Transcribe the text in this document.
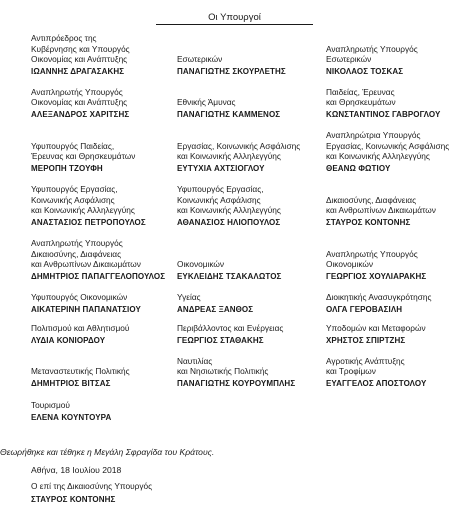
Οι Υπουργοί
Αντιπρόεδρος της
Κυβέρνησης και Υπουργός
Οικονομίας και Ανάπτυξης
ΙΩΑΝΝΗΣ ΔΡΑΓΑΣΑΚΗΣ
Εσωτερικών
ΠΑΝΑΓΙΩΤΗΣ ΣΚΟΥΡΛΕΤΗΣ
Αναπληρωτής Υπουργός
Εσωτερικών
ΝΙΚΟΛΑΟΣ ΤΟΣΚΑΣ
Αναπληρωτής Υπουργός
Οικονομίας και Ανάπτυξης
ΑΛΕΞΑΝΔΡΟΣ ΧΑΡΙΤΣΗΣ
Εθνικής Άμυνας
ΠΑΝΑΓΙΩΤΗΣ ΚΑΜΜΕΝΟΣ
Παιδείας, Έρευνας
και Θρησκευμάτων
ΚΩΝΣΤΑΝΤΙΝΟΣ ΓΑΒΡΟΓΛΟΥ
Υφυπουργός Παιδείας,
Έρευνας και Θρησκευμάτων
ΜΕΡΟΠΗ ΤΖΟΥΦΗ
Εργασίας, Κοινωνικής Ασφάλισης
και Κοινωνικής Αλληλεγγύης
ΕΥΤΥΧΙΑ ΑΧΤΣΙΟΓΛΟΥ
Αναπληρώτρια Υπουργός
Εργασίας, Κοινωνικής Ασφάλισης
και Κοινωνικής Αλληλεγγύης
ΘΕΑΝΩ ΦΩΤΙΟΥ
Υφυπουργός Εργασίας,
Κοινωνικής Ασφάλισης
και Κοινωνικής Αλληλεγγύης
ΑΝΑΣΤΑΣΙΟΣ ΠΕΤΡΟΠΟΥΛΟΣ
Υφυπουργός Εργασίας,
Κοινωνικής Ασφάλισης
και Κοινωνικής Αλληλεγγύης
ΑΘΑΝΑΣΙΟΣ ΗΛΙΟΠΟΥΛΟΣ
Δικαιοσύνης, Διαφάνειας
και Ανθρωπίνων Δικαιωμάτων
ΣΤΑΥΡΟΣ ΚΟΝΤΟΝΗΣ
Αναπληρωτής Υπουργός
Δικαιοσύνης, Διαφάνειας
και Ανθρωπίνων Δικαιωμάτων
ΔΗΜΗΤΡΙΟΣ ΠΑΠΑΓΓΕΛΟΠΟΥΛΟΣ
Οικονομικών
ΕΥΚΛΕΙΔΗΣ ΤΣΑΚΑΛΩΤΟΣ
Αναπληρωτής Υπουργός
Οικονομικών
ΓΕΩΡΓΙΟΣ ΧΟΥΛΙΑΡΑΚΗΣ
Υφυπουργός Οικονομικών
ΑΙΚΑΤΕΡΙΝΗ ΠΑΠΑΝΑΤΣΙΟΥ
Υγείας
ΑΝΔΡΕΑΣ ΞΑΝΘΟΣ
Διοικητικής Ανασυγκρότησης
ΟΛΓΑ ΓΕΡΟΒΑΣΙΛΗ
Πολιτισμού και Αθλητισμού
ΛΥΔΙΑ ΚΟΝΙΟΡΔΟΥ
Περιβάλλοντος και Ενέργειας
ΓΕΩΡΓΙΟΣ ΣΤΑΘΑΚΗΣ
Υποδομών και Μεταφορών
ΧΡΗΣΤΟΣ ΣΠΙΡΤΖΗΣ
Μεταναστευτικής Πολιτικής
ΔΗΜΗΤΡΙΟΣ ΒΙΤΣΑΣ
Ναυτιλίας
και Νησιωτικής Πολιτικής
ΠΑΝΑΓΙΩΤΗΣ ΚΟΥΡΟΥΜΠΛΗΣ
Αγροτικής Ανάπτυξης
και Τροφίμων
ΕΥΑΓΓΕΛΟΣ ΑΠΟΣΤΟΛΟΥ
Τουρισμού
ΕΛΕΝΑ ΚΟΥΝΤΟΥΡΑ
Θεωρήθηκε και τέθηκε η Μεγάλη Σφραγίδα του Κράτους.
Αθήνα, 18 Ιουλίου 2018
Ο επί της Δικαιοσύνης Υπουργός
ΣΤΑΥΡΟΣ ΚΟΝΤΟΝΗΣ
